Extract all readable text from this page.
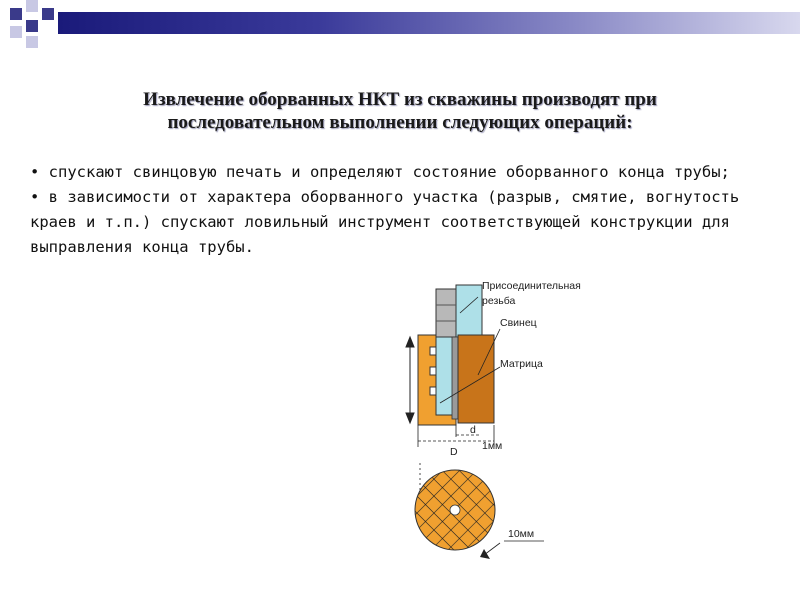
Извлечение оборванных НКТ из скважины производят при
последовательном выполнении следующих операций:
• спускают свинцовую печать и определяют состояние оборванного конца трубы;
• в зависимости от характера оборванного участка (разрыв, смятие, вогнутость краев и т.п.) спускают ловильный инструмент соответствующей конструкции для выправления конца трубы.
Присоединительная
резьба
Свинец
Матрица
d
D 1мм
10мм
